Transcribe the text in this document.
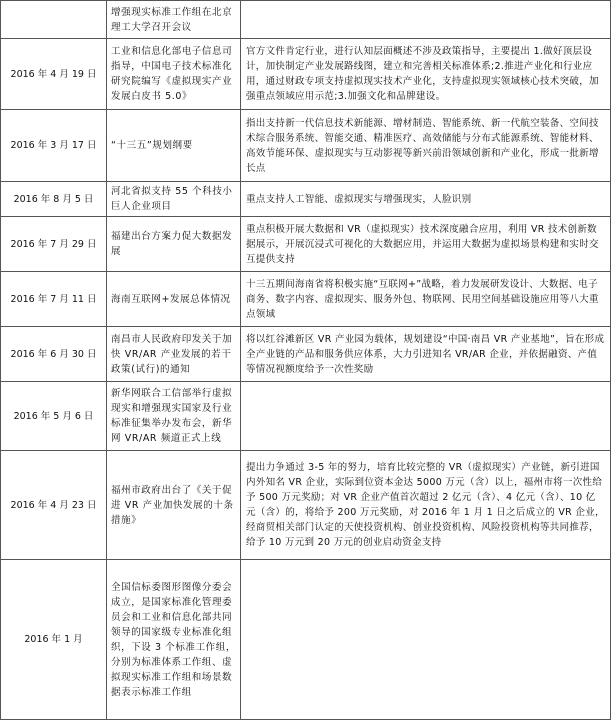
	增强现实标准工作组在北京理工大学召开会议	
2016 年 4 月 19 日	工业和信息化部电子信息司指导，中国电子技术标准化研究院编写《虚拟现实产业发展白皮书 5.0》	官方文件肯定行业，进行认知层面概述不涉及政策指导，主要提出 1.做好顶层设计，加快制定产业发展路线图，建立和完善相关标准体系;2.推进产业化和行业应用，通过财政专项支持虚拟现实技术产业化，支持虚拟现实领域核心技术突破，加强重点领域应用示范;3.加强文化和品牌建设。
2016 年 3 月 17 日	“十三五”规划纲要	指出支持新一代信息技术新能源、增材制造、智能系统、新一代航空装备、空间技术综合服务系统、智能交通、精准医疗、高效储能与分布式能源系统、智能材料、高效节能环保、虚拟现实与互动影视等新兴前沿领域创新和产业化，形成一批新增长点
2016 年 8 月 5 日	河北省拟支持 55 个科技小巨人企业项目	重点支持人工智能、虚拟现实与增强现实，人脸识别
2016 年 7 月 29 日	福建出台方案力促大数据发展	重点积极开展大数据和 VR（虚拟现实）技术深度融合应用，利用 VR 技术创新数据展示，开展沉浸式可视化的大数据应用，并运用大数据为虚拟场景构建和实时交互提供支持
2016 年 7 月 11 日	海南互联网+发展总体情况	十三五期间海南省将积极实施“互联网+”战略，着力发展研发设计、大数据、电子商务、数字内容、虚拟现实、服务外包、物联网、民用空间基础设施应用等八大重点领域
2016 年 6 月 30 日	南昌市人民政府印发关于加快 VR/AR 产业发展的若干政策(试行)的通知	将以红谷滩新区 VR 产业园为载体，规划建设“中国·南昌 VR 产业基地”，旨在形成全产业链的产品和服务供应体系，大力引进知名 VR/AR 企业，并依据融资、产值等情况视额度给予一次性奖励
2016 年 5 月 6 日	新华网联合工信部举行虚拟现实和增强现实国家及行业标准征集举办发布会，新华网 VR/AR 频道正式上线	
2016 年 4 月 23 日	福州市政府出台了《关于促进 VR 产业加快发展的十条措施》	提出力争通过 3-5 年的努力，培育比较完整的 VR（虚拟现实）产业链，新引进国内外知名 VR 企业，实际到位资本金达 5000 万元（含）以上，福州市将一次性给予 500 万元奖励；对 VR 企业产值首次超过 2 亿元（含）、4 亿元（含）、10 亿元（含）的，将给予 200 万元奖励，对 2016 年 1 月 1 日之后成立的 VR 企业，经商贸相关部门认定的天使投资机构、创业投资机构、风险投资机构等共同推荐，给予 10 万元到 20 万元的创业启动资金支持
2016 年 1 月	全国信标委图形图像分委会成立，是国家标准化管理委员会和工业和信息化部共同领导的国家级专业标准化组织，下设 3 个标准工作组，分别为标准体系工作组、虚拟现实标准工作组和场景数据表示标准工作组	
